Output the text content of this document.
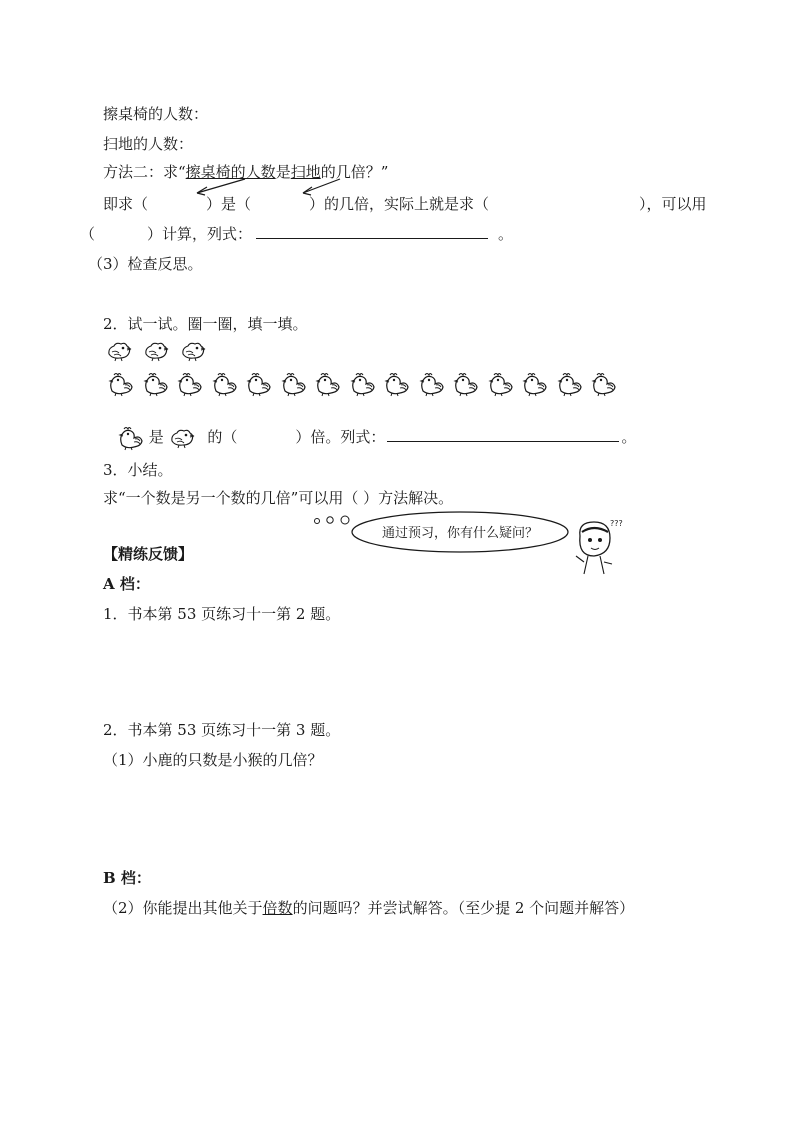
擦桌椅的人数：
扫地的人数：
方法二：求“擦桌椅的人数是扫地的几倍？”
即求（	）是（	）的几倍，实际上就是求（	），可以用
（	）计算，列式：	。
（3）检查反思。
2．试一试。圈一圈，填一填。
是	的（	）倍。列式：	。
3．小结。
求“一个数是另一个数的几倍”可以用（ ）方法解决。
通过预习，你有什么疑问？
???
【精练反馈】
A 档：
1．书本第 53 页练习十一第 2 题。
2．书本第 53 页练习十一第 3 题。
（1）小鹿的只数是小猴的几倍？
B 档：
（2）你能提出其他关于倍数的问题吗？并尝试解答。（至少提 2 个问题并解答）
